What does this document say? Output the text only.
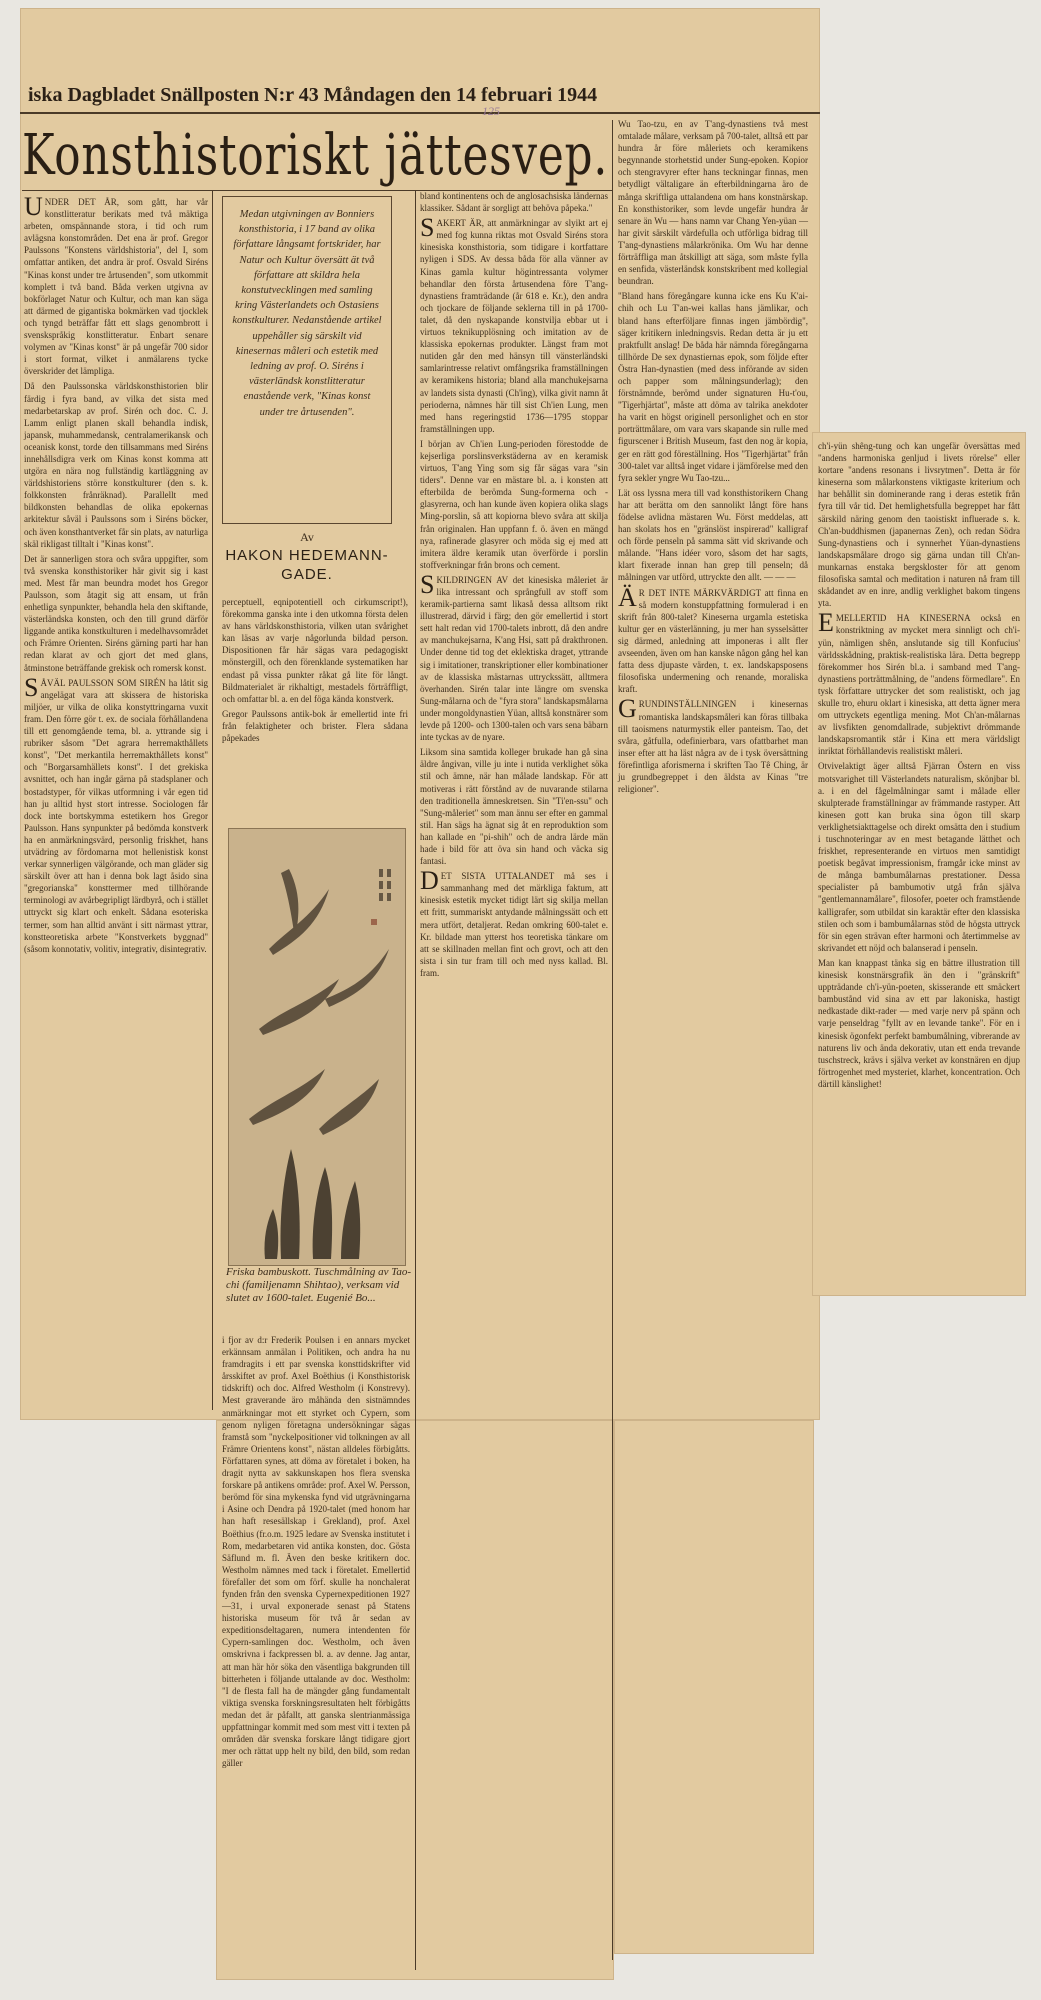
iska Dagbladet Snällposten N:r 43 Måndagen den 14 februari 1944
125
Konsthistoriskt jättesvep.

UNDER DET ÅR, som gått, har vår konstlitteratur berikats med två mäktiga arbeten, omspännande stora, i tid och rum avlägsna konstområden. Det ena är prof. Gregor Paulssons "Konstens världshistoria", del I, som omfattar antiken, det andra är prof. Osvald Siréns "Kinas konst under tre årtusenden", som utkommit komplett i två band. Båda verken utgivna av bokförlaget Natur och Kultur, och man kan säga att därmed de gigantiska bokmärken vad tjocklek och tyngd beträffar fått ett slags genombrott i svenskspråkig konstlitteratur. Enbart senare volymen av "Kinas konst" är på ungefär 700 sidor i stort format, vilket i anmälarens tycke överskrider det lämpliga.

Då den Paulssonska världskonsthistorien blir färdig i fyra band, av vilka det sista med medarbetarskap av prof. Sirén och doc. C. J. Lamm enligt planen skall behandla indisk, japansk, muhammedansk, centralamerikansk och oceanisk konst, torde den tillsammans med Siréns innehållsdigra verk om Kinas konst komma att utgöra en nära nog fullständig kartläggning av världshistoriens större konstkulturer (den s. k. folkkonsten frånräknad). Parallellt med bildkonsten behandlas de olika epokernas arkitektur såväl i Paulssons som i Siréns böcker, och även konsthantverket får sin plats, av naturliga skäl rikligast tilltalt i "Kinas konst".

Det är sannerligen stora och svåra uppgifter, som två svenska konsthistoriker här givit sig i kast med. Mest får man beundra modet hos Gregor Paulsson, som åtagit sig att ensam, ut från enhetliga synpunkter, behandla hela den skiftande, västerländska konsten, och den till grund därför liggande antika konstkulturen i medelhavsområdet och Främre Orienten. Siréns gärning parti har han redan klarat av och gjort det med glans, åtminstone beträffande grekisk och romersk konst.

SÅVÄL PAULSSON SOM SIRÉN ha låtit sig angelägat vara att skissera de historiska miljöer, ur vilka de olika konstyttringarna vuxit fram. Den förre gör t. ex. de sociala förhållandena till ett genomgående tema, bl. a. yttrande sig i rubriker såsom "Det agrara herremakthållets konst", "Det merkantila herremakthållets konst" och "Borgarsamhällets konst". I det grekiska avsnittet, och han ingår gärna på stadsplaner och bostadstyper, för vilkas utformning i vår egen tid han ju alltid hyst stort intresse. Sociologen får dock inte bortskymma estetikern hos Gregor Paulsson. Hans synpunkter på bedömda konstverk ha en anmärkningsvärd, personlig friskhet, hans utvädring av fördomarna mot hellenistisk konst verkar synnerligen välgörande, och man gläder sig särskilt över att han i denna bok lagt åsido sina "gregorianska" konsttermer med tillhörande terminologi av avårbegripligt lärdbyrå, och i stället uttryckt sig klart och enkelt. Sådana esoteriska termer, som han alltid använt i sitt närmast yttrar, konstteoretiska arbete "Konstverkets byggnad" (såsom konnotativ, volitiv, integrativ, disintegrativ.

Medan utgivningen av Bonniers konsthistoria, i 17 band av olika författare långsamt fortskrider, har Natur och Kultur översätt ät två författare att skildra hela konstutvecklingen med samling kring Västerlandets och Ostasiens konstkulturer. Nedanstående artikel uppehåller sig särskilt vid kinesernas måleri och estetik med ledning av prof. O. Siréns i västerländsk konstlitteratur enastående verk, "Kinas konst under tre årtusenden".
Av
HAKON HEDEMANN-GADE.

perceptuell, eqnipotentiell och cirkumscript!), förekomma ganska inte i den utkomna första delen av hans världskonsthistoria, vilken utan svårighet kan läsas av varje någorlunda bildad person. Dispositionen får här sägas vara pedagogiskt mönstergill, och den förenklande systematiken har endast på vissa punkter råkat gå lite för långt. Bildmaterialet är rikhaltigt, mestadels förträffligt, och omfattar bl. a. en del föga kända konstverk.

Gregor Paulssons antik-bok är emellertid inte fri från felaktigheter och brister. Flera sådana påpekades

Friska bambuskott. Tuschmålning av Tao-chi (familjenamn Shihtao), verksam vid slutet av 1600-talet. Eugenié Bo...

i fjor av d:r Frederik Poulsen i en annars mycket erkännsam anmälan i Politiken, och andra ha nu framdragits i ett par svenska konsttidskrifter vid årsskiftet av prof. Axel Boëthius (i Konsthistorisk tidskrift) och doc. Alfred Westholm (i Konstrevy). Mest graverande äro måhända den sistnämndes anmärkningar mot ett styrket och Cypern, som genom nyligen företagna undersökningar sägas framstå som "nyckelpositioner vid tolkningen av all Främre Orientens konst", nästan alldeles förbigåtts. Författaren synes, att döma av företalet i boken, ha dragit nytta av sakkunskapen hos flera svenska forskare på antikens område: prof. Axel W. Persson, berömd för sina mykenska fynd vid utgrävningarna i Asine och Dendra på 1920-talet (med honom har han haft resesällskap i Grekland), prof. Axel Boëthius (fr.o.m. 1925 ledare av Svenska institutet i Rom, medarbetaren vid antika konsten, doc. Gösta Säflund m. fl. Även den beske kritikern doc. Westholm nämnes med tack i företalet. Emellertid förefaller det som om förf. skulle ha nonchalerat fynden från den svenska Cypernexpeditionen 1927—31, i urval exponerade senast på Statens historiska museum för två år sedan av expeditionsdeltagaren, numera intendenten för Cypern-samlingen doc. Westholm, och även omskrivna i fackpressen bl. a. av denne. Jag antar, att man här hör söka den väsentliga bakgrunden till bitterheten i följande uttalande av doc. Westholm: "I de flesta fall ha de mängder gång fundamentalt viktiga svenska forskningsresultaten helt förbigåtts medan det är påfallt, att ganska slentrianmässiga uppfattningar kommit med som mest vitt i texten på områden där svenska forskare långt tidigare gjort mer och rättat upp helt ny bild, den bild, som redan gäller

bland kontinentens och de anglosachsiska ländernas klassiker. Sådant är sorgligt att behöva påpeka."

SAKERT ÄR, att anmärkningar av slyikt art ej med fog kunna riktas mot Osvald Siréns stora kinesiska konsthistoria, som tidigare i kortfattare nyligen i SDS. Av dessa båda för alla vänner av Kinas gamla kultur högintressanta volymer behandlar den första årtusendena före T'ang-dynastiens framträdande (år 618 e. Kr.), den andra och tjockare de följande seklerna till in på 1700-talet, då den nyskapande konstvilja ebbar ut i virtuos teknikupplösning och imitation av de klassiska epokernas produkter. Längst fram mot nutiden går den med hänsyn till vänsterländski samlarintresse relativt omfångsrika framställningen av keramikens historia; bland alla manchukejsarna av landets sista dynasti (Ch'ing), vilka givit namn åt perioderna, nämnes här till sist Ch'ien Lung, men med hans regeringstid 1736—1795 stoppar framställningen upp.

I början av Ch'ien Lung-perioden förestodde de kejserliga porslinsverkstäderna av en keramisk virtuos, T'ang Ying som sig får sägas vara "sin tiders". Denne var en mästare bl. a. i konsten att efterbilda de berömda Sung-formerna och -glasyrerna, och han kunde även kopiera olika slags Ming-porslin, så att kopiorna blevo svåra att skilja från originalen. Han uppfann f. ö. även en mängd nya, rafinerade glasyrer och möda sig ej med att imitera äldre keramik utan överförde i porslin stoffverkningar från brons och cement.

SKILDRINGEN AV det kinesiska måleriet är lika intressant och språngfull av stoff som keramik-partierna samt likaså dessa alltsom rikt illustrerad, därvid i färg; den gör emellertid i stort sett halt redan vid 1700-talets inbrott, då den andre av manchukejsarna, K'ang Hsi, satt på drakthronen. Under denne tid tog det eklektiska draget, yttrande sig i imitationer, transkriptioner eller kombinationer av de klassiska mästarnas uttryckssätt, alltmera överhanden. Sirén talar inte längre om svenska Sung-målarna och de "fyra stora" landskapsmålarna under mongoldynastien Yüan, alltså konstnärer som levde på 1200- och 1300-talen och vars sena bäbarn inte tyckas av de nyare.

Liksom sina samtida kolleger brukade han gå sina äldre ångivan, ville ju inte i nutida verklighet söka stil och ämne, när han målade landskap. För att motiveras i rätt förstånd av de nuvarande stilarna den traditionella ämneskretsen. Sin "Ti'en-ssu" och "Sung-måleriet" som man ännu ser efter en gammal stil. Han sägs ha ägnat sig åt en reproduktion som han kallade en "pi-shih" och de andra lärde män hade i bild för att öva sin hand och väcka sig fantasi.

DET SISTA UTTALANDET må ses i sammanhang med det märkliga faktum, att kinesisk estetik mycket tidigt lärt sig skilja mellan ett fritt, summariskt antydande målningssätt och ett mera utfört, detaljerat. Redan omkring 600-talet e. Kr. bildade man ytterst hos teoretiska tänkare om att se skillnaden mellan fint och grovt, och att den sista i sin tur fram till och med nyss kallad. Bl. fram.

Wu Tao-tzu, en av T'ang-dynastiens två mest omtalade målare, verksam på 700-talet, alltså ett par hundra år före måleriets och keramikens begynnande storhetstid under Sung-epoken. Kopior och stengravyrer efter hans teckningar finnas, men betydligt vältaligare än efterbildningarna äro de många skriftliga uttalandena om hans konstnärskap. En konsthistoriker, som levde ungefär hundra år senare än Wu — hans namn var Chang Yen-yüan — har givit särskilt värdefulla och utförliga bidrag till T'ang-dynastiens målarkrönika. Om Wu har denne förträffliga man åtskilligt att säga, som måste fylla en senfida, västerländsk konstskribent med kollegial beundran.

"Bland hans föregångare kunna icke ens Ku K'ai-chih och Lu T'an-wei kallas hans jämlikar, och bland hans efterföljare finnas ingen jämbördig", säger kritikern inledningsvis. Redan detta är ju ett praktfullt anslag! De båda här nämnda föregångarna tillhörde De sex dynastiernas epok, som följde efter Östra Han-dynastien (med dess införande av siden och papper som målningsunderlag); den förstnämnde, berömd under signaturen Hu-t'ou, "Tigerhjärtat", måste att döma av talrika anekdoter ha varit en högst originell personlighet och en stor porträttmålare, om vara vars skapande sin rulle med figurscener i British Museum, fast den nog är kopia, ger en rätt god föreställning. Hos "Tigerhjärtat" från 300-talet var alltså inget vidare i jämförelse med den fyra sekler yngre Wu Tao-tzu...

Lät oss lyssna mera till vad konsthistorikern Chang har att berätta om den sannolikt långt före hans födelse avlidna mästaren Wu. Först meddelas, att han skolats hos en "gränslöst inspirerad" kalligraf och förde penseln på samma sätt vid skrivande och målande. "Hans idéer voro, såsom det har sagts, klart fixerade innan han grep till penseln; då målningen var utförd, uttryckte den allt. — — —

ÄR DET INTE MÄRKVÄRDIGT att finna en så modern konstuppfattning formulerad i en skrift från 800-talet? Kineserna urgamla estetiska kultur ger en västerlänning, ju mer han sysselsätter sig därmed, anledning att imponeras i allt fler avseenden, även om han kanske någon gång hel kan fatta dess djupaste värden, t. ex. landskapsposens filosofiska undermening och renande, moraliska kraft.

GRUNDINSTÄLLNINGEN i kinesernas romantiska landskapsmåleri kan föras tillbaka till taoismens naturmystik eller panteism. Tao, det svåra, gåtfulla, odefinierbara, vars ofattbarhet man inser efter att ha läst några av de i tysk översättning förefintliga aforismerna i skriften Tao Tê Ching, är ju grundbegreppet i den äldsta av Kinas "tre religioner".

ch'i-yün shêng-tung och kan ungefär översättas med "andens harmoniska genljud i livets rörelse" eller kortare "andens resonans i livsrytmen". Detta är för kineserna som målarkonstens viktigaste kriterium och har behållit sin dominerande rang i deras estetik från fyra till vår tid. Det hemlighetsfulla begreppet har fått särskild näring genom den taoistiskt influerade s. k. Ch'an-buddhismen (japanernas Zen), och redan Södra Sung-dynastiens och i synnerhet Yüan-dynastiens landskapsmålare drogo sig gärna undan till Ch'an-munkarnas enstaka bergskloster för att genom filosofiska samtal och meditation i naturen nå fram till skådandet av en inre, andlig verklighet bakom tingens yta.

EMELLERTID HA KINESERNA också en konstriktning av mycket mera sinnligt och ch'i-yün, nämligen shên, anslutande sig till Konfucius' världsskådning, praktisk-realistiska lära. Detta begrepp förekommer hos Sirén bl.a. i samband med T'ang-dynastiens porträttmålning, de "andens förmedlare". En tysk författare uttrycker det som realistiskt, och jag skulle tro, ehuru oklart i kinesiska, att detta ägner mera om uttryckets egentliga mening. Mot Ch'an-målarnas av livsfikten genomdallrade, subjektivt drömmande landskapsromantik står i Kina ett mera världsligt inriktat förhållandevis realistiskt måleri.

Otvivelaktigt äger alltså Fjärran Östern en viss motsvarighet till Västerlandets naturalism, skönjbar bl. a. i en del fågelmålningar samt i målade eller skulpterade framställningar av främmande rastyper. Att kinesen gott kan bruka sina ögon till skarp verklighetsiakttagelse och direkt omsätta den i studium i tuschnoteringar av en mest betagande lätthet och friskhet, representerande en virtuos men samtidigt poetisk begåvat impressionism, framgår icke minst av de många bambumålarnas prestationer. Dessa specialister på bambumotiv utgå från själva "gentlemannamålare", filosofer, poeter och framstående kalligrafer, som utbildat sin karaktär efter den klassiska stilen och som i bambumålarnas stöd de högsta uttryck för sin egen strävan efter harmoni och återtimmelse av skrivandet ett nöjd och balanserad i penseln.

Man kan knappast tänka sig en bättre illustration till kinesisk konstnärsgrafik än den i "gränskrift" uppträdande ch'i-yün-poeten, skisserande ett smäckert bambustånd vid sina av ett par lakoniska, hastigt nedkastade dikt-rader — med varje nerv på spänn och varje penseldrag "fyllt av en levande tanke". För en i kinesisk ögonfekt perfekt bambumålning, vibrerande av naturens liv och ända dekorativ, utan ett enda trevande tuschstreck, krävs i själva verket av konstnären en djup förtrogenhet med mysteriet, klarhet, koncentration. Och därtill känslighet!
